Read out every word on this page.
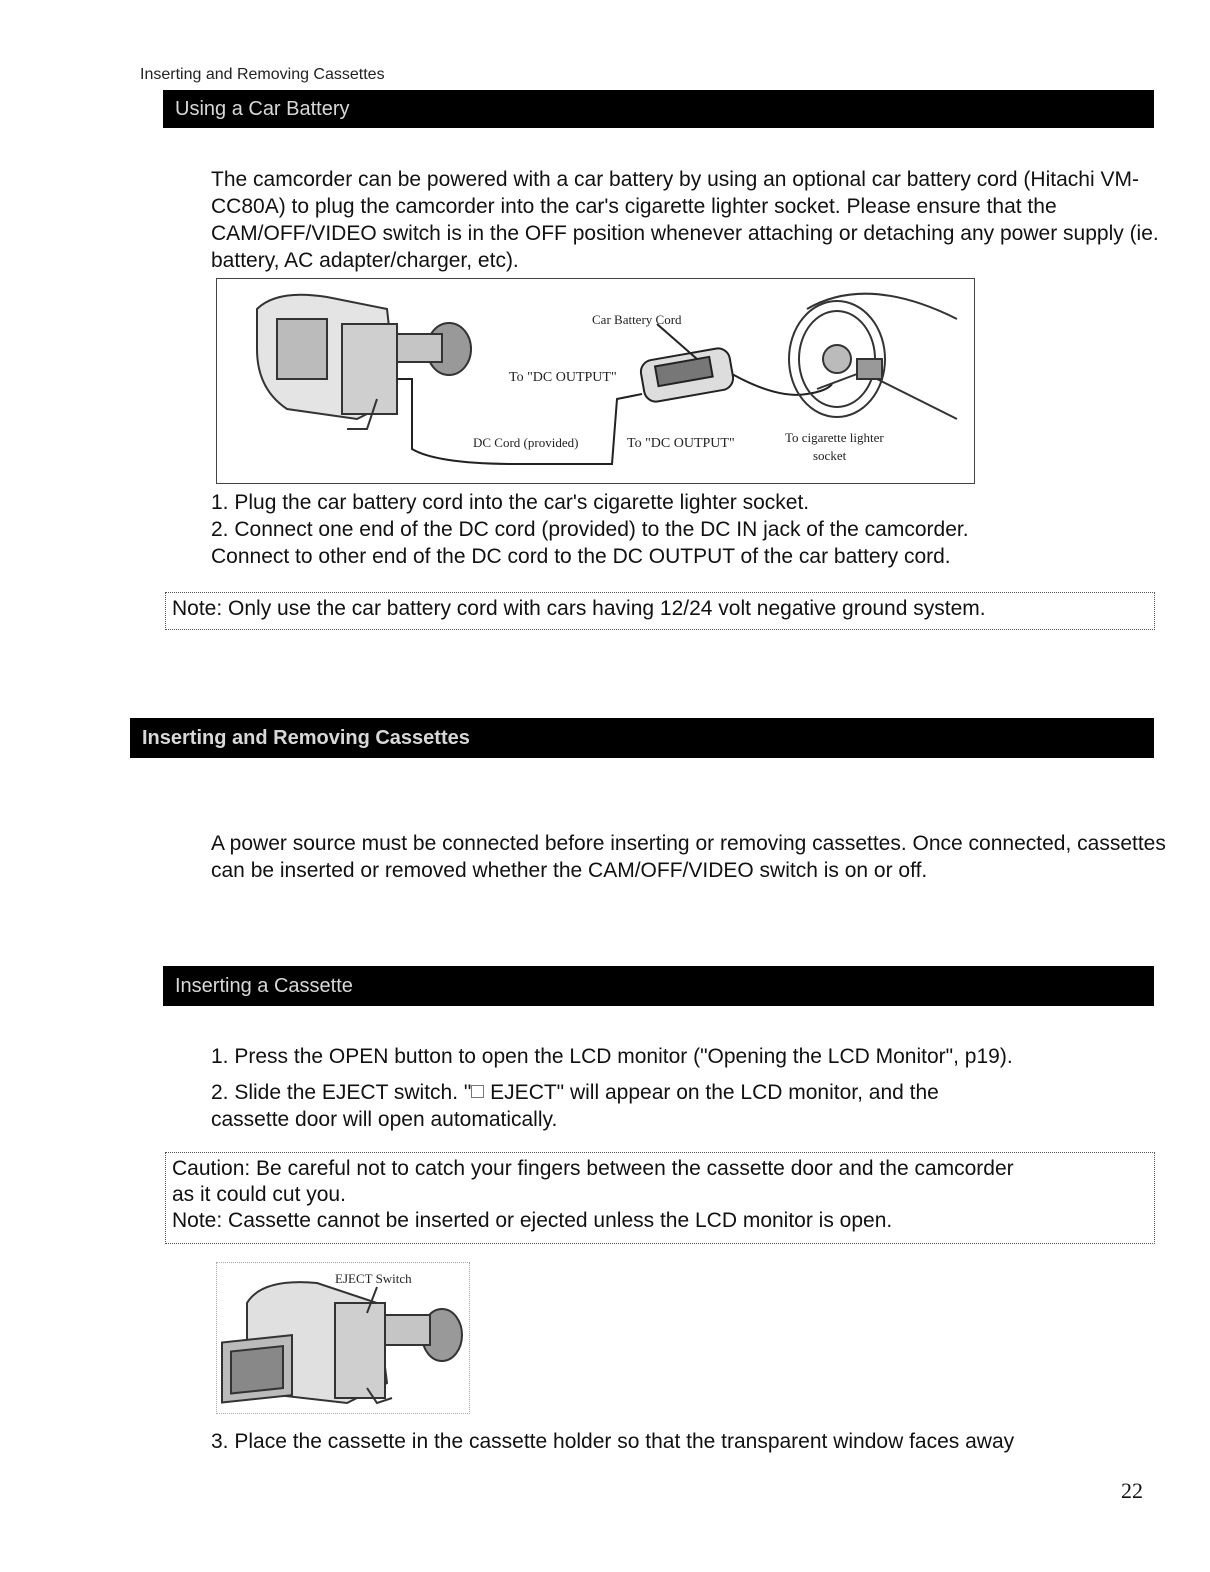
Inserting and Removing Cassettes
Using a Car Battery
The camcorder can be powered with a car battery by using an optional car battery cord (Hitachi VM-CC80A) to plug the camcorder into the car's cigarette lighter socket. Please ensure that the CAM/OFF/VIDEO switch is in the OFF position whenever attaching or detaching any power supply (ie. battery, AC adapter/charger, etc).
Car Battery Cord
To "DC OUTPUT"
DC Cord (provided)	To "DC OUTPUT"	To cigarette lighter
socket
1. Plug the car battery cord into the car's cigarette lighter socket.
2. Connect one end of the DC cord (provided) to the DC IN jack of the camcorder.
Connect to other end of the DC cord to the DC OUTPUT of the car battery cord.
Note: Only use the car battery cord with cars having 12/24 volt negative ground system.
Inserting and Removing Cassettes
A power source must be connected before inserting or removing cassettes. Once connected, cassettes can be inserted or removed whether the CAM/OFF/VIDEO switch is on or off.
Inserting a Cassette
1. Press the OPEN button to open the LCD monitor ("Opening the LCD Monitor", p19).
2. Slide the EJECT switch. " EJECT" will appear on the LCD monitor, and the
cassette door will open automatically.
Caution: Be careful not to catch your fingers between the cassette door and the camcorder
as it could cut you.
Note: Cassette cannot be inserted or ejected unless the LCD monitor is open.
EJECT Switch
3. Place the cassette in the cassette holder so that the transparent window faces away
22
